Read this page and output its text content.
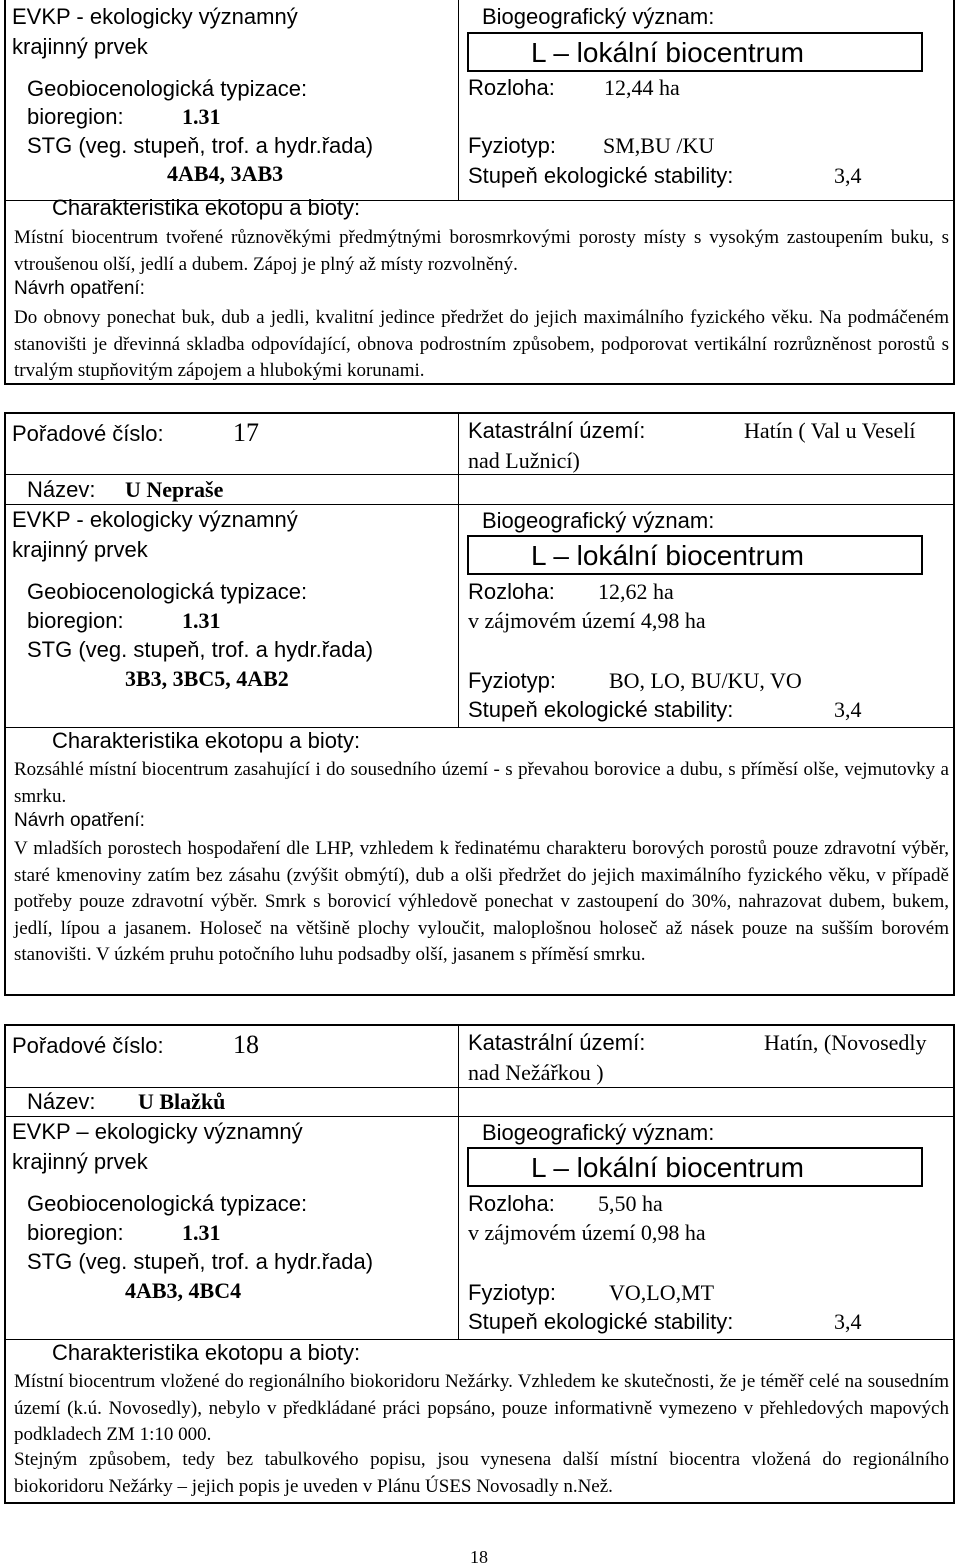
EVKP - ekologicky významný
krajinný prvek
Geobiocenologická typizace:
bioregion:	1.31
STG (veg. stupeň, trof. a hydr.řada)
4AB4, 3AB3
Biogeografický význam:
L – lokální biocentrum
Rozloha: 12,44 ha
Fyziotyp: SM,BU /KU
Stupeň ekologické stability:	3,4
Charakteristika ekotopu a bioty:
Místní biocentrum tvořené různověkými předmýtnými borosmrkovými porosty místy s vysokým zastoupením buku, s vtroušenou olší, jedlí a dubem. Zápoj je plný až místy rozvolněný.
Návrh opatření:
Do obnovy ponechat buk, dub a jedli, kvalitní jedince předržet do jejich maximálního fyzického věku. Na podmáčeném stanovišti je dřevinná skladba odpovídající, obnova podrostním způsobem, podporovat vertikální rozrůzněnost porostů s trvalým stupňovitým zápojem a hlubokými korunami.
Pořadové číslo:	17	Katastrální území:	Hatín ( Val u Veselí
nad Lužnicí)
Název: U Nepraše
EVKP - ekologicky významný
krajinný prvek
Geobiocenologická typizace:
bioregion:	1.31
STG (veg. stupeň, trof. a hydr.řada)
3B3, 3BC5, 4AB2
Biogeografický význam:
L – lokální biocentrum
Rozloha: 12,62 ha
v zájmovém území 4,98 ha
Fyziotyp: BO, LO, BU/KU, VO
Stupeň ekologické stability:	3,4
Charakteristika ekotopu a bioty:
Rozsáhlé místní biocentrum zasahující i do sousedního území - s převahou borovice a dubu, s příměsí olše, vejmutovky a smrku.
Návrh opatření:
V mladších porostech hospodaření dle LHP, vzhledem k ředinatému charakteru borových porostů pouze zdravotní výběr, staré kmenoviny zatím bez zásahu (zvýšit obmýtí), dub a olši předržet do jejich maximálního fyzického věku, v případě potřeby pouze zdravotní výběr. Smrk s borovicí výhledově ponechat v zastoupení do 30%, nahrazovat dubem, bukem, jedlí, lípou a jasanem. Holoseč na většině plochy vyloučit, maloplošnou holoseč až násek pouze na sušším borovém stanovišti. V úzkém pruhu potočního luhu podsadby olší, jasanem s příměsí smrku.
Pořadové číslo:	18	Katastrální území:	Hatín, (Novosedly
nad Nežářkou )
Název: U Blažků
EVKP – ekologicky významný
krajinný prvek
Geobiocenologická typizace:
bioregion:	1.31
STG (veg. stupeň, trof. a hydr.řada)
4AB3, 4BC4
Biogeografický význam:
L – lokální biocentrum
Rozloha: 5,50 ha
v zájmovém území 0,98 ha
Fyziotyp: VO,LO,MT
Stupeň ekologické stability:	3,4
Charakteristika ekotopu a bioty:
Místní biocentrum vložené do regionálního biokoridoru Nežárky. Vzhledem ke skutečnosti, že je téměř celé na sousedním území (k.ú. Novosedly), nebylo v předkládané práci popsáno, pouze informativně vymezeno v přehledových mapových podkladech ZM 1:10 000.
Stejným způsobem, tedy bez tabulkového popisu, jsou vynesena další místní biocentra vložená do regionálního biokoridoru Nežárky – jejich popis je uveden v Plánu ÚSES Novosadly n.Než.
18
